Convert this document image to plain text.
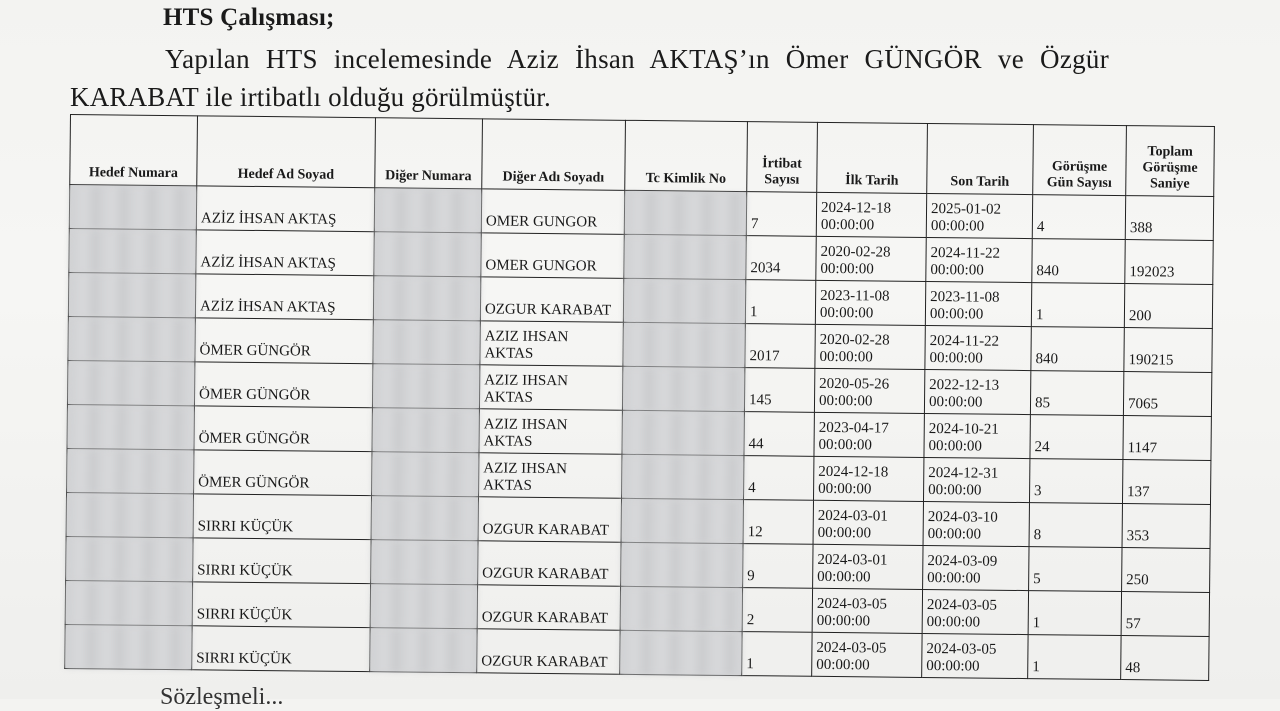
HTS Çalışması;
Yapılan HTS incelemesinde Aziz İhsan AKTAŞ’ın Ömer GÜNGÖR ve Özgür
KARABAT ile irtibatlı olduğu görülmüştür.
Hedef Numara	Hedef Ad Soyad	Diğer Numara	Diğer Adı Soyadı	Tc Kimlik No	İrtibat Sayısı	İlk Tarih	Son Tarih	Görüşme Gün Sayısı	Toplam Görüşme Saniye

	AZİZ İHSAN AKTAŞ		OMER GUNGOR		7	2024-12-18 00:00:00	2025-01-02 00:00:00	4	388

	AZİZ İHSAN AKTAŞ		OMER GUNGOR		2034	2020-02-28 00:00:00	2024-11-22 00:00:00	840	192023

	AZİZ İHSAN AKTAŞ		OZGUR KARABAT		1	2023-11-08 00:00:00	2023-11-08 00:00:00	1	200

	ÖMER GÜNGÖR		AZIZ IHSAN AKTAS		2017	2020-02-28 00:00:00	2024-11-22 00:00:00	840	190215

	ÖMER GÜNGÖR		AZIZ IHSAN AKTAS		145	2020-05-26 00:00:00	2022-12-13 00:00:00	85	7065

	ÖMER GÜNGÖR		AZIZ IHSAN AKTAS		44	2023-04-17 00:00:00	2024-10-21 00:00:00	24	1147

	ÖMER GÜNGÖR		AZIZ IHSAN AKTAS		4	2024-12-18 00:00:00	2024-12-31 00:00:00	3	137

	SIRRI KÜÇÜK		OZGUR KARABAT		12	2024-03-01 00:00:00	2024-03-10 00:00:00	8	353

	SIRRI KÜÇÜK		OZGUR KARABAT		9	2024-03-01 00:00:00	2024-03-09 00:00:00	5	250

	SIRRI KÜÇÜK		OZGUR KARABAT		2	2024-03-05 00:00:00	2024-03-05 00:00:00	1	57

	SIRRI KÜÇÜK		OZGUR KARABAT		1	2024-03-05 00:00:00	2024-03-05 00:00:00	1	48
Sözleşmeli...
